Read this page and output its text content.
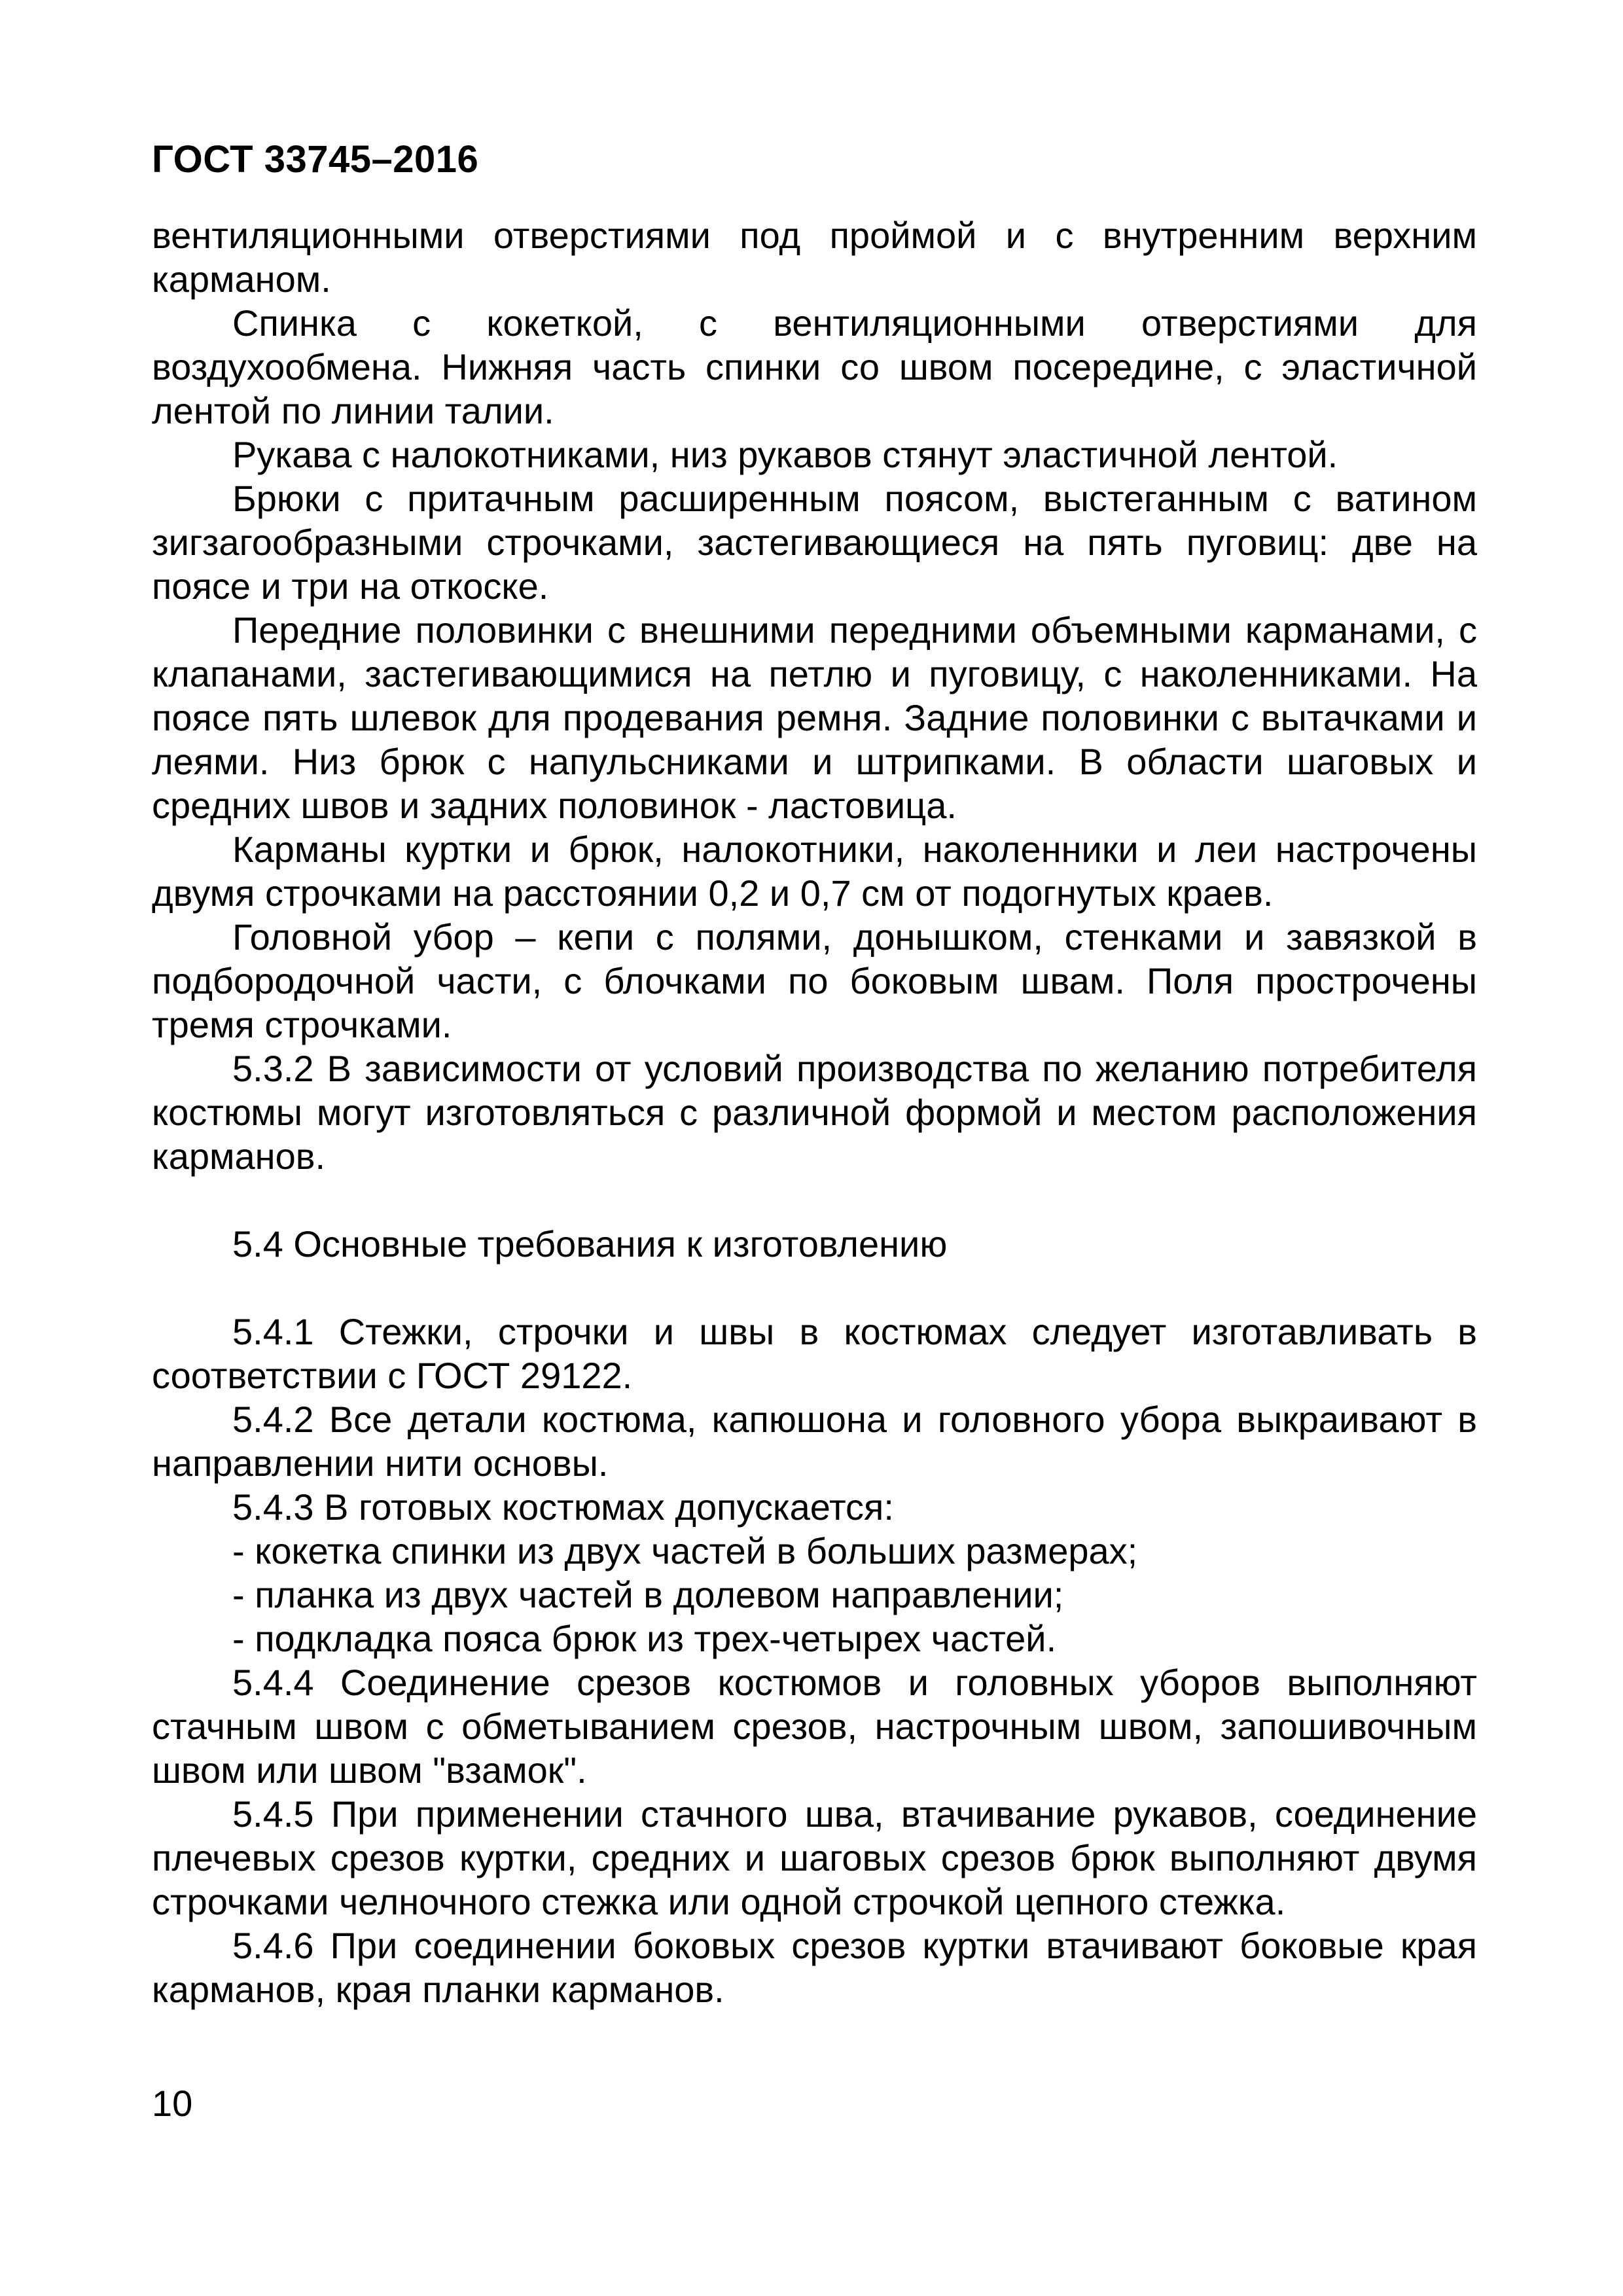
ГОСТ 33745–2016

вентиляционными отверстиями под проймой и с внутренним верхним карманом.

Спинка с кокеткой, с вентиляционными отверстиями для воздухообмена. Нижняя часть спинки со швом посередине, с эластичной лентой по линии талии.

Рукава с налокотниками, низ рукавов стянут эластичной лентой.

Брюки с притачным расширенным поясом, выстеганным с ватином зигзагообразными строчками, застегивающиеся на пять пуговиц: две на поясе и три на откоске.

Передние половинки с внешними передними объемными карманами, с клапанами, застегивающимися на петлю и пуговицу, с наколенниками. На поясе пять шлевок для продевания ремня. Задние половинки с вытачками и леями. Низ брюк с напульсниками и штрипками. В области шаговых и средних швов и задних половинок - ластовица.

Карманы куртки и брюк, налокотники, наколенники и леи настрочены двумя строчками на расстоянии 0,2 и 0,7 см от подогнутых краев.

Головной убор – кепи с полями, донышком, стенками и завязкой в подбородочной части, с блочками по боковым швам. Поля прострочены тремя строчками.

5.3.2 В зависимости от условий производства по желанию потребителя костюмы могут изготовляться с различной формой и местом расположения карманов.

5.4 Основные требования к изготовлению

5.4.1 Стежки, строчки и швы в костюмах следует изготавливать в соответствии с ГОСТ 29122.

5.4.2 Все детали костюма, капюшона и головного убора выкраивают в направлении нити основы.

5.4.3 В готовых костюмах допускается:

- кокетка спинки из двух частей в больших размерах;

- планка из двух частей в долевом направлении;

- подкладка пояса брюк из трех-четырех частей.

5.4.4 Соединение срезов костюмов и головных уборов выполняют стачным швом с обметыванием срезов, настрочным швом, запошивочным швом или швом "взамок".

5.4.5 При применении стачного шва, втачивание рукавов, соединение плечевых срезов куртки, средних и шаговых срезов брюк выполняют двумя строчками челночного стежка или одной строчкой цепного стежка.

5.4.6 При соединении боковых срезов куртки втачивают боковые края карманов, края планки карманов.

10
